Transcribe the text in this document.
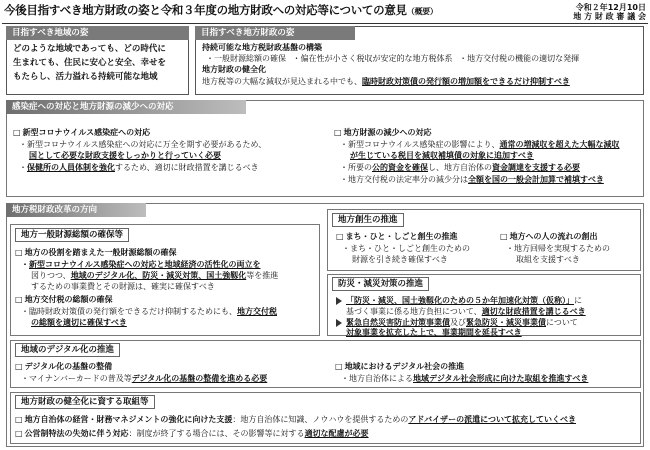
今後目指すべき地方財政の姿と令和３年度の地方財政への対応等についての意見（概要）	令和２年12月10日
地 方 財 政 審 議 会
目指すべき地域の姿
どのような地域であっても、どの時代に
生まれても、住民に安心と安全、幸せを
もたらし、活力溢れる持続可能な地域
目指すべき地方財政の姿
持続可能な地方税財政基盤の構築
・一般財源総額の確保 ・偏在性が小さく税収が安定的な地方税体系 ・地方交付税の機能の適切な発揮
地方財政の健全化
地方税等の大幅な減収が見込まれる中でも、臨時財政対策債の発行額の増加額をできるだけ抑制すべき
感染症への対応と地方財源の減少への対応
□ 新型コロナウイルス感染症への対応
・ 新型コロナウイルス感染症への対応に万全を期す必要があるため、
国として必要な財政支援をしっかりと行っていく必要
・ 保健所の人員体制を強化するため、適切に財政措置を講じるべき
□ 地方財源の減少への対応
・ 新型コロナウイルス感染症の影響により、通常の増減収を超えた大幅な減収
が生じている税目を減収補填債の対象に追加すべき
・ 所要の公的資金を確保し、地方自治体の資金調達を支援する必要
・ 地方交付税の法定率分の減少分は全額を国の一般会計加算で補填すべき
地方税財政改革の方向
地方一般財源総額の確保等
□ 地方の役割を踏まえた一般財源総額の確保
・ 新型コロナウイルス感染症への対応と地域経済の活性化の両立を
図りつつ、地域のデジタル化、防災・減災対策、国土強靱化等を推進
するための事業費とその財源は、確実に確保すべき
□ 地方交付税の総額の確保
・ 臨時財政対策債の発行額をできるだけ抑制するためにも、地方交付税
の総額を適切に確保すべき
地方創生の推進
□ まち・ひと・しごと創生の推進
・ まち・ひと・しごと創生のための
財源を引き続き確保すべき
□ 地方への人の流れの創出
・ 地方回帰を実現するための
取組を支援すべき
防災・減災対策の推進
「防災・減災、国土強靱化のための５か年加速化対策（仮称）」に
基づく事業に係る地方負担について、適切な財政措置を講じるべき
緊急自然災害防止対策事業債及び緊急防災・減災事業債について
対象事業を拡充した上で、事業期間を延長すべき
地域のデジタル化の推進
□ デジタル化の基盤の整備
・ マイナンバーカードの普及等デジタル化の基盤の整備を進める必要
□ 地域におけるデジタル社会の推進
・ 地方自治体による地域デジタル社会形成に向けた取組を推進すべき
地方財政の健全化に資する取組等
□ 地方自治体の経営・財務マネジメントの強化に向けた支援：地方自治体に知識、ノウハウを提供するためのアドバイザーの派遣について拡充していくべき
□ 公営制特法の失効に伴う対応：制度が終了する場合には、その影響等に対する適切な配慮が必要
